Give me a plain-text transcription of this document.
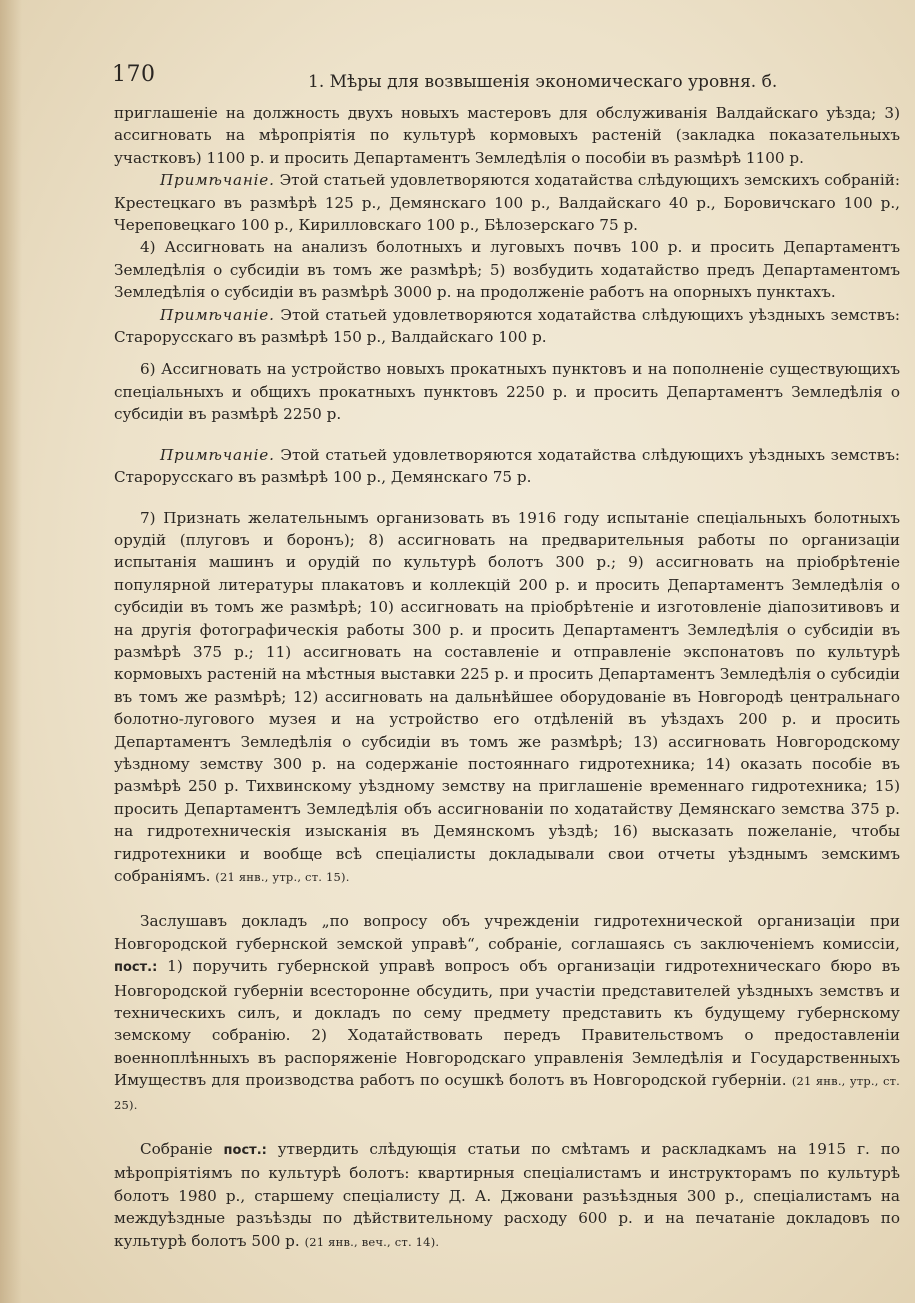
170	1. Мѣры для возвышенія экономическаго уровня. б.

приглашеніе на должность двухъ новыхъ мастеровъ для обслуживанія Валдайскаго уѣзда; 3) ассигновать на мѣропріятія по культурѣ кормовыхъ растеній (закладка показательныхъ участковъ) 1100 р. и просить Департаментъ Земледѣлія о пособіи въ размѣрѣ 1100 р.

Примѣчаніе. Этой статьей удовлетворяются ходатайства слѣдующихъ земскихъ собраній: Крестецкаго въ размѣрѣ 125 р., Демянскаго 100 р., Валдайскаго 40 р., Боровичскаго 100 р., Череповецкаго 100 р., Кирилловскаго 100 р., Бѣлозерскаго 75 р.

4) Ассигновать на анализъ болотныхъ и луговыхъ почвъ 100 р. и просить Департаментъ Земледѣлія о субсидіи въ томъ же размѣрѣ; 5) возбудить ходатайство предъ Департаментомъ Земледѣлія о субсидіи въ размѣрѣ 3000 р. на продолженіе работъ на опорныхъ пунктахъ.

Примѣчаніе. Этой статьей удовлетворяются ходатайства слѣдующихъ уѣздныхъ земствъ: Старорусскаго въ размѣрѣ 150 р., Валдайскаго 100 р.

6) Ассигновать на устройство новыхъ прокатныхъ пунктовъ и на пополненіе существующихъ спеціальныхъ и общихъ прокатныхъ пунктовъ 2250 р. и просить Департаментъ Земледѣлія о субсидіи въ размѣрѣ 2250 р.

Примѣчаніе. Этой статьей удовлетворяются ходатайства слѣдующихъ уѣздныхъ земствъ: Старорусскаго въ размѣрѣ 100 р., Демянскаго 75 р.

7) Признать желательнымъ организовать въ 1916 году испытаніе спеціальныхъ болотныхъ орудій (плуговъ и боронъ); 8) ассигновать на предварительныя работы по организаціи испытанія машинъ и орудій по культурѣ болотъ 300 р.; 9) ассигновать на пріобрѣтеніе популярной литературы плакатовъ и коллекцій 200 р. и просить Департаментъ Земледѣлія о субсидіи въ томъ же размѣрѣ; 10) ассигновать на пріобрѣтеніе и изготовленіе діапозитивовъ и на другія фотографическія работы 300 р. и просить Департаментъ Земледѣлія о субсидіи въ размѣрѣ 375 р.; 11) ассигновать на составленіе и отправленіе экспонатовъ по культурѣ кормовыхъ растеній на мѣстныя выставки 225 р. и просить Департаментъ Земледѣлія о субсидіи въ томъ же размѣрѣ; 12) ассигновать на дальнѣйшее оборудованіе въ Новгородѣ центральнаго болотно-лугового музея и на устройство его отдѣленій въ уѣздахъ 200 р. и просить Департаментъ Земледѣлія о субсидіи въ томъ же размѣрѣ; 13) ассигновать Новгородскому уѣздному земству 300 р. на содержаніе постояннаго гидротехника; 14) оказать пособіе въ размѣрѣ 250 р. Тихвинскому уѣздному земству на приглашеніе временнаго гидротехника; 15) просить Департаментъ Земледѣлія объ ассигнованіи по ходатайству Демянскаго земства 375 р. на гидротехническія изысканія въ Демянскомъ уѣздѣ; 16) высказать пожеланіе, чтобы гидротехники и вообще всѣ спеціалисты докладывали свои отчеты уѣзднымъ земскимъ собраніямъ. (21 янв., утр., ст. 15).

Заслушавъ докладъ „по вопросу объ учрежденіи гидротехнической организаціи при Новгородской губернской земской управѣ“, собраніе, соглашаясь съ заключеніемъ комиссіи, пост.: 1) поручить губернской управѣ вопросъ объ организаціи гидротехническаго бюро въ Новгородской губерніи всесторонне обсудить, при участіи представителей уѣздныхъ земствъ и техническихъ силъ, и докладъ по сему предмету представить къ будущему губернскому земскому собранію. 2) Ходатайствовать передъ Правительствомъ о предоставленіи военноплѣнныхъ въ распоряженіе Новгородскаго управленія Земледѣлія и Государственныхъ Имуществъ для производства работъ по осушкѣ болотъ въ Новгородской губерніи. (21 янв., утр., ст. 25).

Собраніе пост.: утвердить слѣдующія статьи по смѣтамъ и раскладкамъ на 1915 г. по мѣропріятіямъ по культурѣ болотъ: квартирныя спеціалистамъ и инструкторамъ по культурѣ болотъ 1980 р., старшему спеціалисту Д. А. Джовани разъѣздныя 300 р., спеціалистамъ на междуѣздные разъѣзды по дѣйствительному расходу 600 р. и на печатаніе докладовъ по культурѣ болотъ 500 р. (21 янв., веч., ст. 14).
